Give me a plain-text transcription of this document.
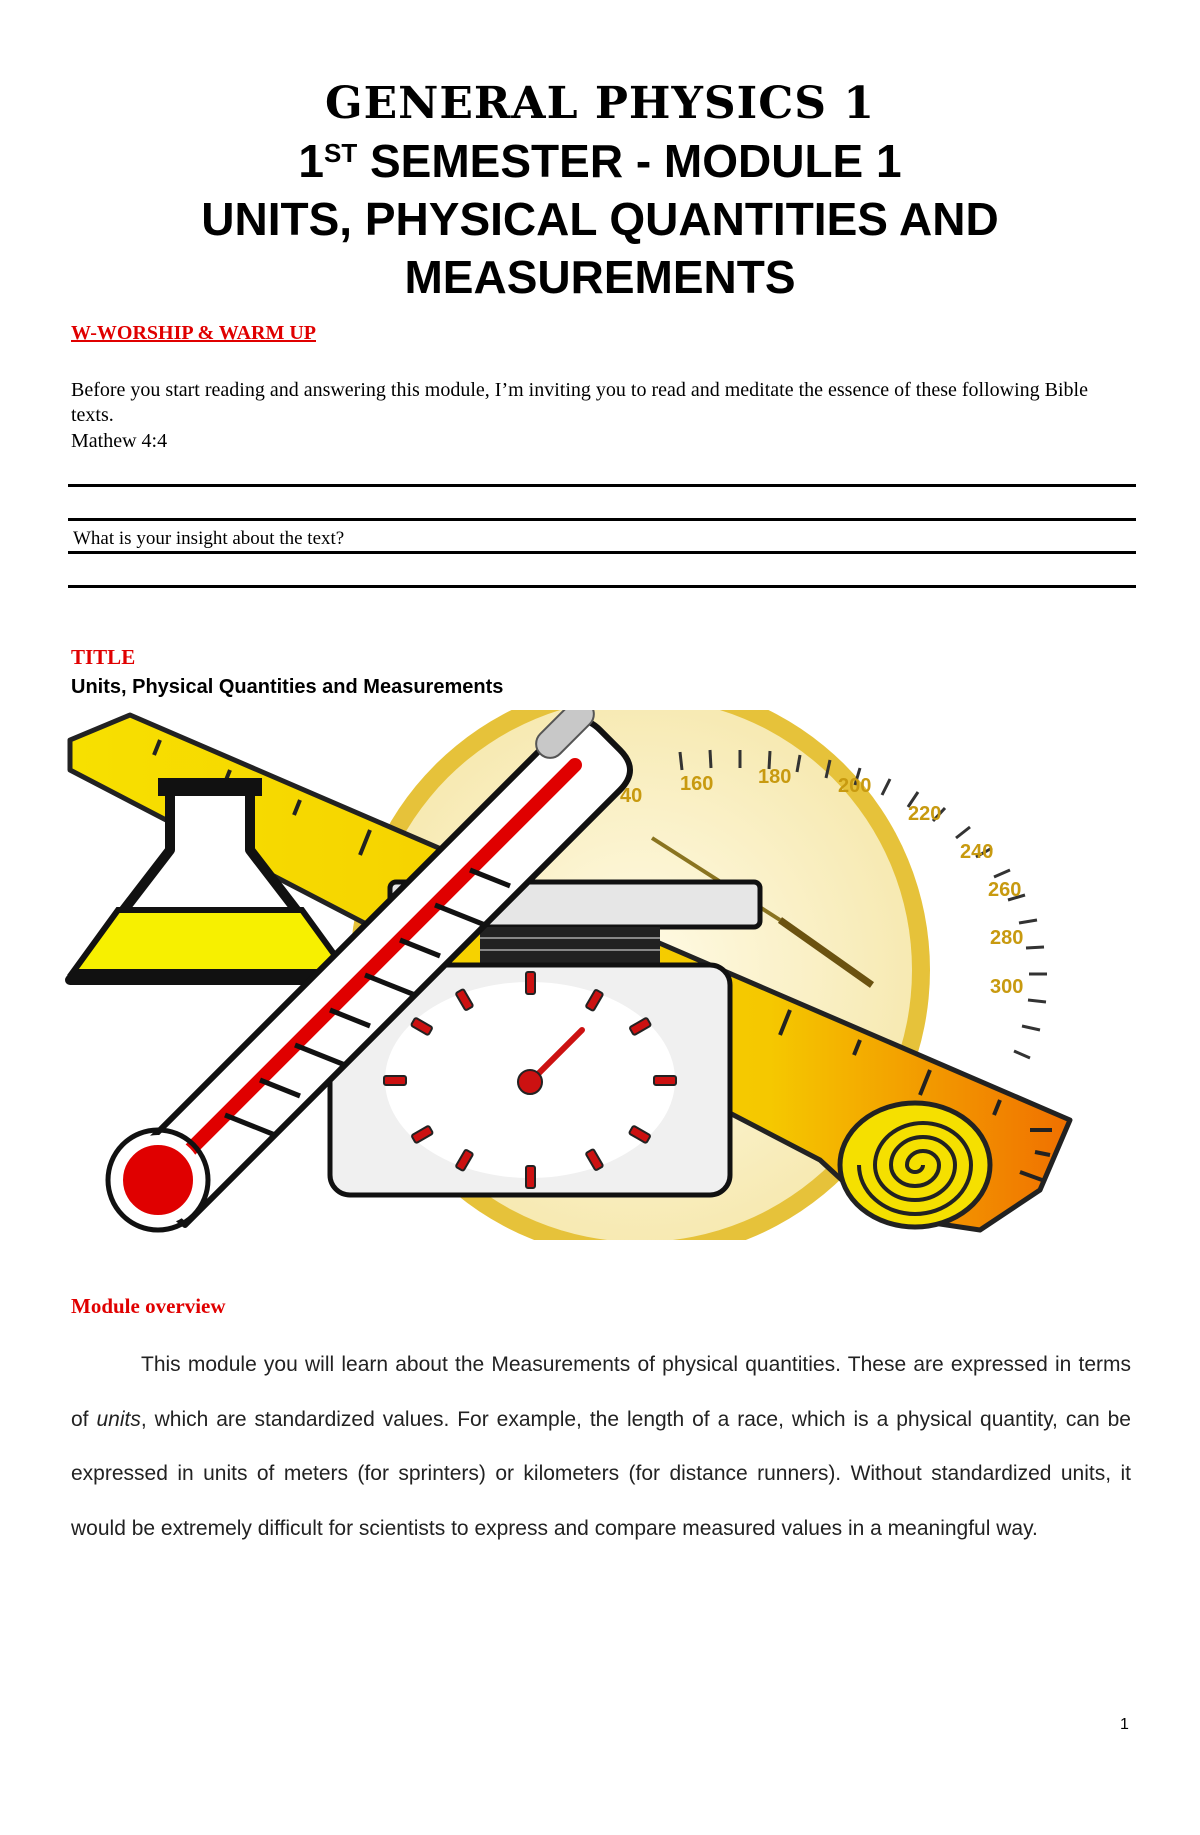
GENERAL PHYSICS 1
1ST SEMESTER - MODULE 1
UNITS, PHYSICAL QUANTITIES AND
MEASUREMENTS
W-WORSHIP & WARM UP
Before you start reading and answering this module, I’m inviting you to read and meditate the essence of these following Bible texts.
Mathew 4:4
What is your insight about the text?
TITLE
Units, Physical Quantities and Measurements
40
160 180 200
220
240
260
280
300
Module overview

This module you will learn about the Measurements of physical quantities. These are expressed in terms of units, which are standardized values. For example, the length of a race, which is a physical quantity, can be expressed in units of meters (for sprinters) or kilometers (for distance runners). Without standardized units, it would be extremely difficult for scientists to express and compare measured values in a meaningful way.

1
